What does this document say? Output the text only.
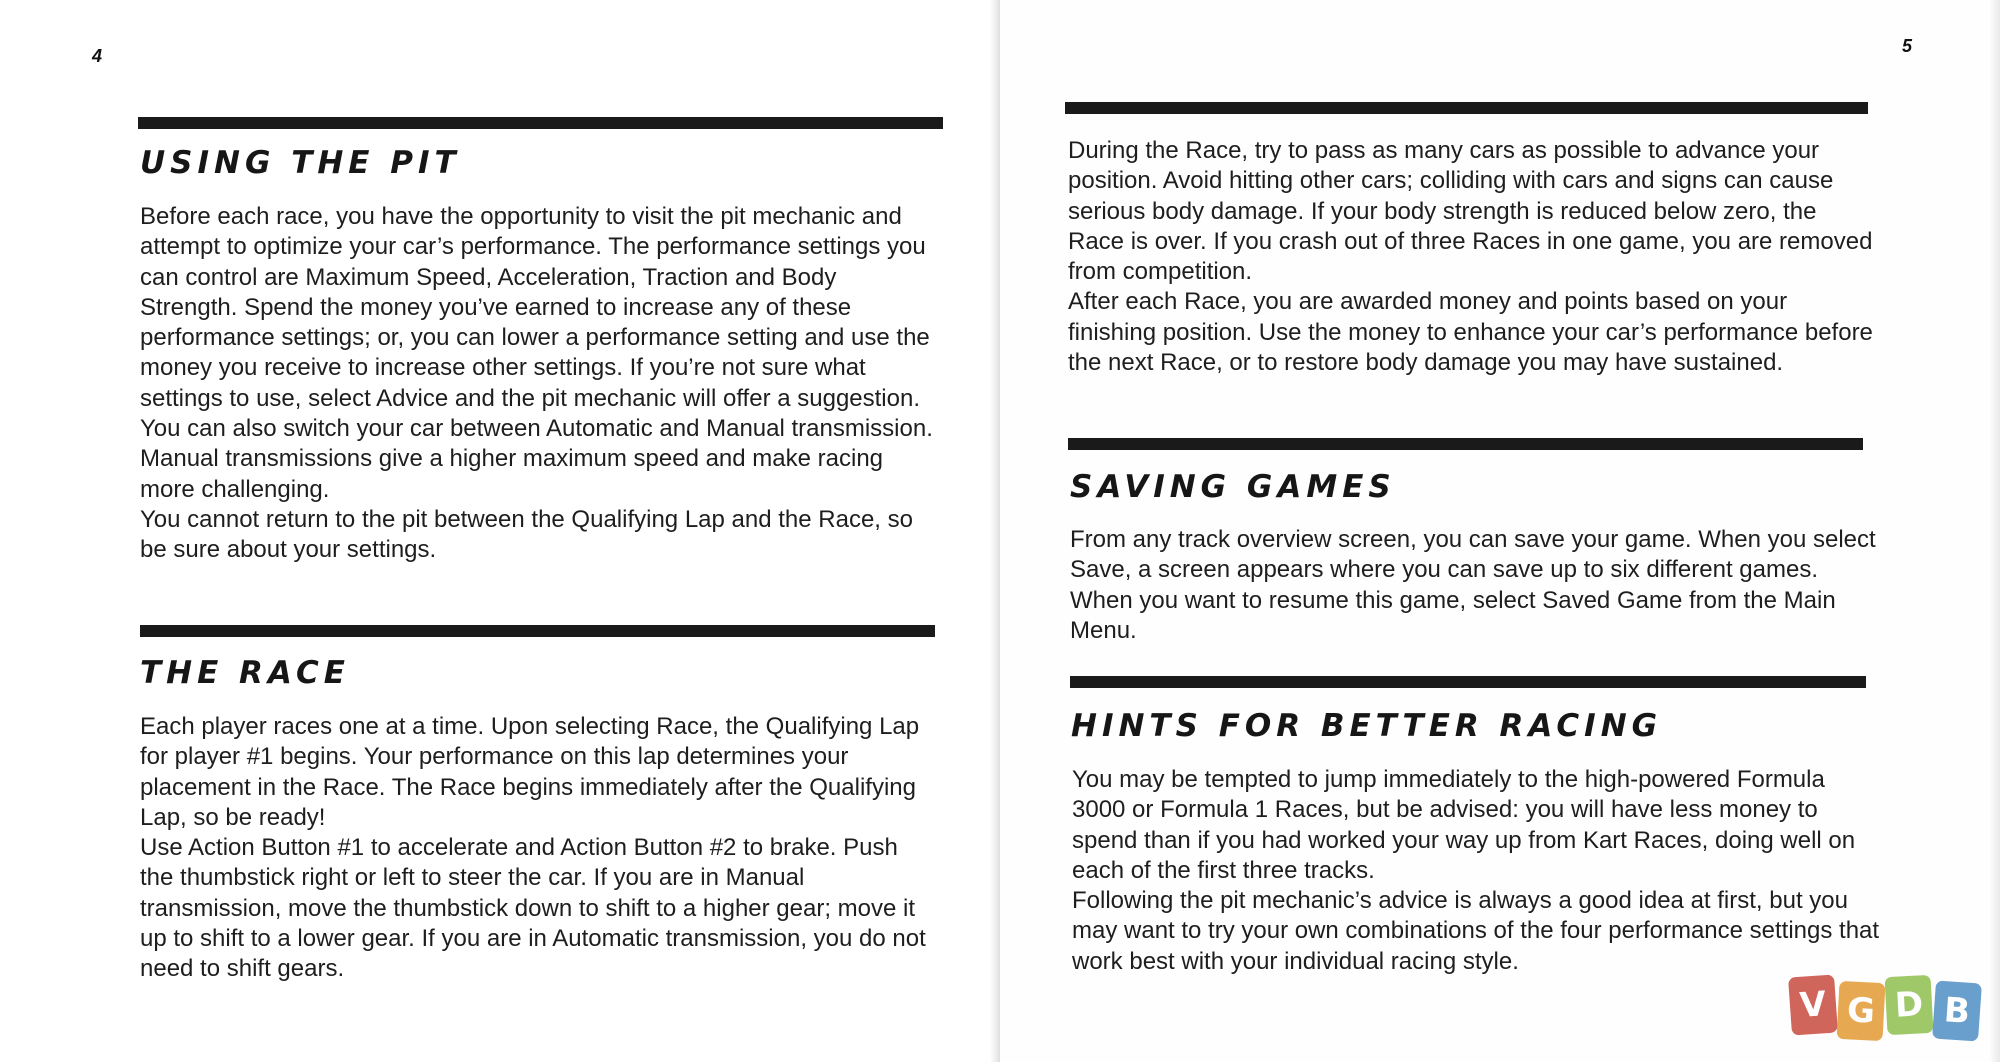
4
USING THE PIT

Before each race, you have the opportunity to visit the pit mechanic and attempt to optimize your car’s performance. The performance settings you can control are Maximum Speed, Acceleration, Traction and Body Strength. Spend the money you’ve earned to increase any of these performance settings; or, you can lower a performance setting and use the money you receive to increase other settings. If you’re not sure what settings to use, select Advice and the pit mechanic will offer a suggestion.

You can also switch your car between Automatic and Manual transmission. Manual transmissions give a higher maximum speed and make racing more challenging.

You cannot return to the pit between the Qualifying Lap and the Race, so be sure about your settings.

THE RACE

Each player races one at a time. Upon selecting Race, the Qualifying Lap for player #1 begins. Your performance on this lap determines your placement in the Race. The Race begins immediately after the Qualifying Lap, so be ready!

Use Action Button #1 to accelerate and Action Button #2 to brake. Push the thumbstick right or left to steer the car. If you are in Manual transmission, move the thumbstick down to shift to a higher gear; move it up to shift to a lower gear. If you are in Automatic transmission, you do not need to shift gears.

5

During the Race, try to pass as many cars as possible to advance your position. Avoid hitting other cars; colliding with cars and signs can cause serious body damage. If your body strength is reduced below zero, the Race is over. If you crash out of three Races in one game, you are removed from competition.

After each Race, you are awarded money and points based on your finishing position. Use the money to enhance your car’s performance before the next Race, or to restore body damage you may have sustained.

SAVING GAMES

From any track overview screen, you can save your game. When you select Save, a screen appears where you can save up to six different games. When you want to resume this game, select Saved Game from the Main Menu.

HINTS FOR BETTER RACING

You may be tempted to jump immediately to the high-powered Formula 3000 or Formula 1 Races, but be advised: you will have less money to spend than if you had worked your way up from Kart Races, doing well on each of the first three tracks.

Following the pit mechanic’s advice is always a good idea at first, but you may want to try your own combinations of the four performance settings that work best with your individual racing style.

V G D B
